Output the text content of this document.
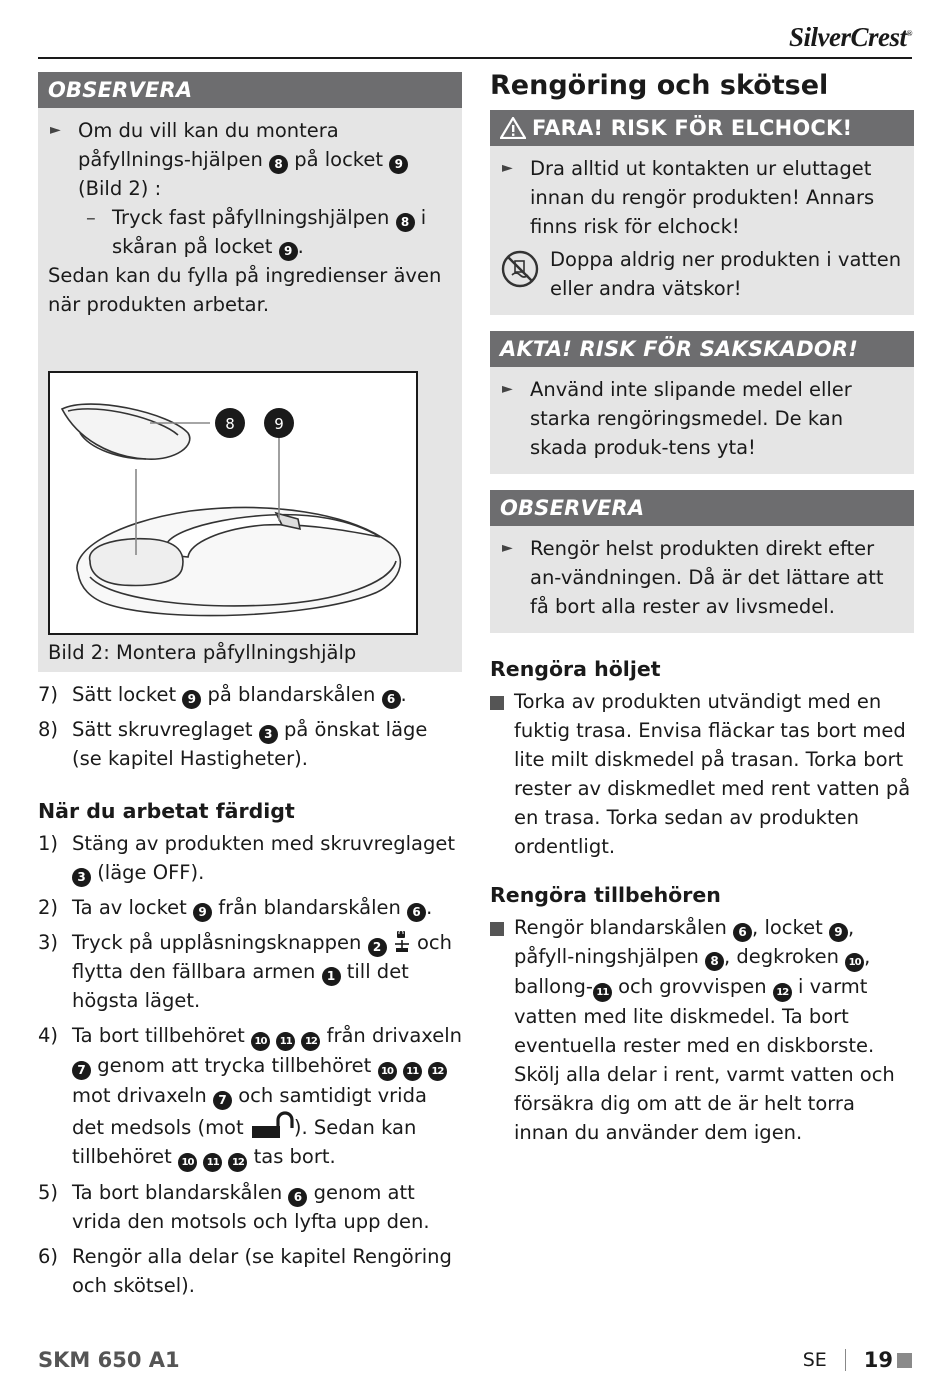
SilverCrest®
OBSERVERA
► Om du vill kan du montera påfyllnings-hjälpen 8 på locket 9 (Bild 2) :
– Tryck fast påfyllningshjälpen 8 i skåran på locket 9 .
Sedan kan du fylla på ingredienser även när produkten arbetar.
8	9
Bild 2: Montera påfyllningshjälp
7) Sätt locket 9 på blandarskålen 6 .
8) Sätt skruvreglaget 3 på önskat läge (se kapitel Hastigheter).
När du arbetat färdigt
1) Stäng av produkten med skruvreglaget 3 (läge OFF).
2) Ta av locket 9 från blandarskålen 6 .
3) Tryck på upplåsningsknappen 2  och flytta den fällbara armen 1 till det högsta läget.
4) Ta bort tillbehöret 10 11 12 från drivaxeln 7 genom att trycka tillbehöret 10 11 12 mot drivaxeln 7 och samtidigt vrida det medsols (mot ). Sedan kan tillbehöret 10 11 12 tas bort.
5) Ta bort blandarskålen 6 genom att vrida den motsols och lyfta upp den.
6) Rengör alla delar (se kapitel Rengöring och skötsel).
Rengöring och skötsel
FARA! RISK FÖR ELCHOCK!
► Dra alltid ut kontakten ur eluttaget innan du rengör produkten! Annars finns risk för elchock!
Doppa aldrig ner produkten i vatten eller andra vätskor!
AKTA! RISK FÖR SAKSKADOR!
► Använd inte slipande medel eller starka rengöringsmedel. De kan skada produk-tens yta!
OBSERVERA
► Rengör helst produkten direkt efter an-vändningen. Då är det lättare att få bort alla rester av livsmedel.
Rengöra höljet
Torka av produkten utvändigt med en fuktig trasa. Envisa fläckar tas bort med lite milt diskmedel på trasan. Torka bort rester av diskmedlet med rent vatten på en trasa. Torka sedan av produkten ordentligt.
Rengöra tillbehören
Rengör blandarskålen 6 , locket 9 , påfyll-ningshjälpen 8 , degkroken 10 , ballong- 11 och grovvispen 12 i varmt vatten med lite diskmedel. Ta bort eventuella rester med en diskborste. Skölj alla delar i rent, varmt vatten och försäkra dig om att de är helt torra innan du använder dem igen.
SKM 650 A1	SE 19
